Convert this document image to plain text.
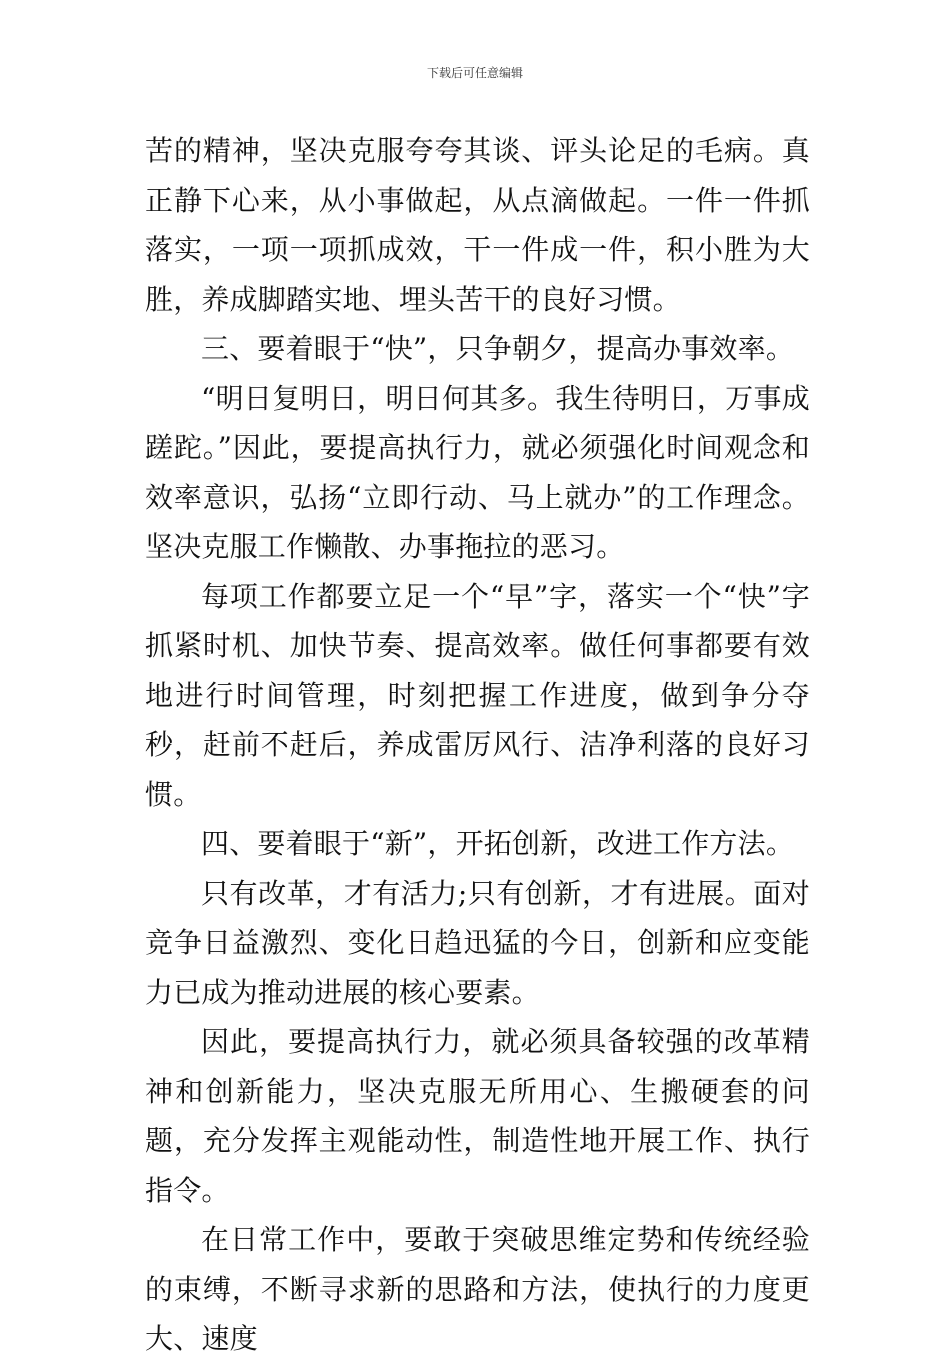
下载后可任意编辑

苦的精神，坚决克服夸夸其谈、评头论足的毛病。真正静下心来，从小事做起，从点滴做起。一件一件抓落实，一项一项抓成效，干一件成一件，积小胜为大胜，养成脚踏实地、埋头苦干的良好习惯。

三、要着眼于“快”，只争朝夕，提高办事效率。

“明日复明日，明日何其多。我生待明日，万事成蹉跎。”因此，要提高执行力，就必须强化时间观念和效率意识，弘扬“立即行动、马上就办”的工作理念。坚决克服工作懒散、办事拖拉的恶习。

每项工作都要立足一个“早”字，落实一个“快”字抓紧时机、加快节奏、提高效率。做任何事都要有效地进行时间管理，时刻把握工作进度，做到争分夺秒，赶前不赶后，养成雷厉风行、洁净利落的良好习惯。

四、要着眼于“新”，开拓创新，改进工作方法。

只有改革，才有活力;只有创新，才有进展。面对竞争日益激烈、变化日趋迅猛的今日，创新和应变能力已成为推动进展的核心要素。

因此，要提高执行力，就必须具备较强的改革精神和创新能力，坚决克服无所用心、生搬硬套的问题，充分发挥主观能动性，制造性地开展工作、执行指令。

在日常工作中，要敢于突破思维定势和传统经验的束缚，不断寻求新的思路和方法，使执行的力度更大、速度
